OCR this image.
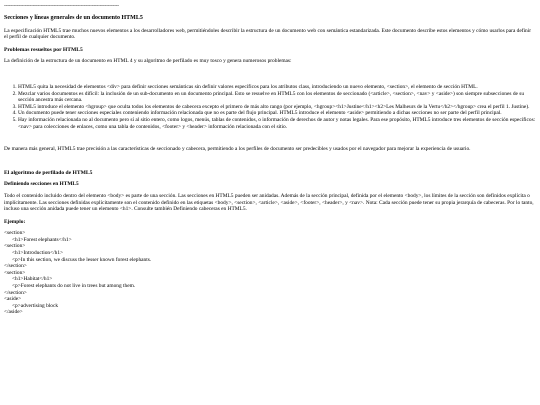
------------------------------------------------------------------------
Secciones y líneas generales de un documento HTML5

La especificación HTML5 trae muchos nuevos elementos a los desarrolladores web, permitiéndoles describir la estructura de un documento web con semántica estandarizada. Este documento describe estos elementos y cómo usarlos para definir el perfil de cualquier documento.

Problemas resueltos por HTML5

La definición de la estructura de un documento en HTML 4 y su algoritmo de perfilado es muy tosco y genera numerosos problemas:

1. HTML5 quita la necesidad de elementos <div> para definir secciones semánticas sin definir valores específicos para los atributos class, introduciendo un nuevo elemento, <section>, el elemento de sección HTML.
2. Mezclar varios documentos es difícil: la inclusión de un sub-documento en un documento principal. Esto se resuelve en HTML5 con los elementos de seccionado (<article>, <section>, <nav> y <aside>) son siempre subsecciones de su sección ancestra más cercana.
3. HTML5 introduce el elemento <hgroup> que oculta todos los elementos de cabecera excepto el primero de más alto rango (por ejemplo, <hgroup><h1>Justine</h1><h2>Les Malheurs de la Vertu</h2></hgroup> crea el perfil 1. Justine).
4. Un documento puede tener secciones especiales conteniendo información relacionada que no es parte del flujo principal. HTML5 introduce el elemento <aside> permitiendo a dichas secciones no ser parte del perfil principal.
5. Hay información relacionada no al documento pero sí al sitio entero, como logos, menús, tablas de contenidos, o información de derechos de autor y notas legales. Para ese propósito, HTML5 introduce tres elementos de sección específicos: <nav> para colecciones de enlaces, como una tabla de contenidos, <footer> y <header> información relacionada con el sitio.

De manera más general, HTML5 trae precisión a las características de seccionado y cabecera, permitiendo a los perfiles de documento ser predecibles y usados por el navegador para mejorar la experiencia de usuario.

El algoritmo de perfilado de HTML5
Definiendo secciones en HTML5

Todo el contenido incluido dentro del elemento <body> es parte de una sección. Las secciones en HTML5 pueden ser anidadas. Además de la sección principal, definida por el elemento <body>, los límites de la sección son definidos explícita o implícitamente. Las secciones definidas explícitamente son el contenido definido en las etiquetas <body>, <section>, <article>, <aside>, <footer>, <header>, y <nav>. Nota: Cada sección puede tener su propia jerarquía de cabeceras. Por lo tanto, incluso una sección anidada puede tener un elemento <h1>. Consulte también Definiendo cabeceras en HTML5.

Ejemplo:
<section>
<h1>Forest elephants</h1>
<section>
<h1>Introduction</h1>
<p>In this section, we discuss the lesser known forest elephants.
</section>
<section>
<h1>Habitat</h1>
<p>Forest elephants do not live in trees but among them.
</section>
<aside>
<p>advertising block
</aside>
